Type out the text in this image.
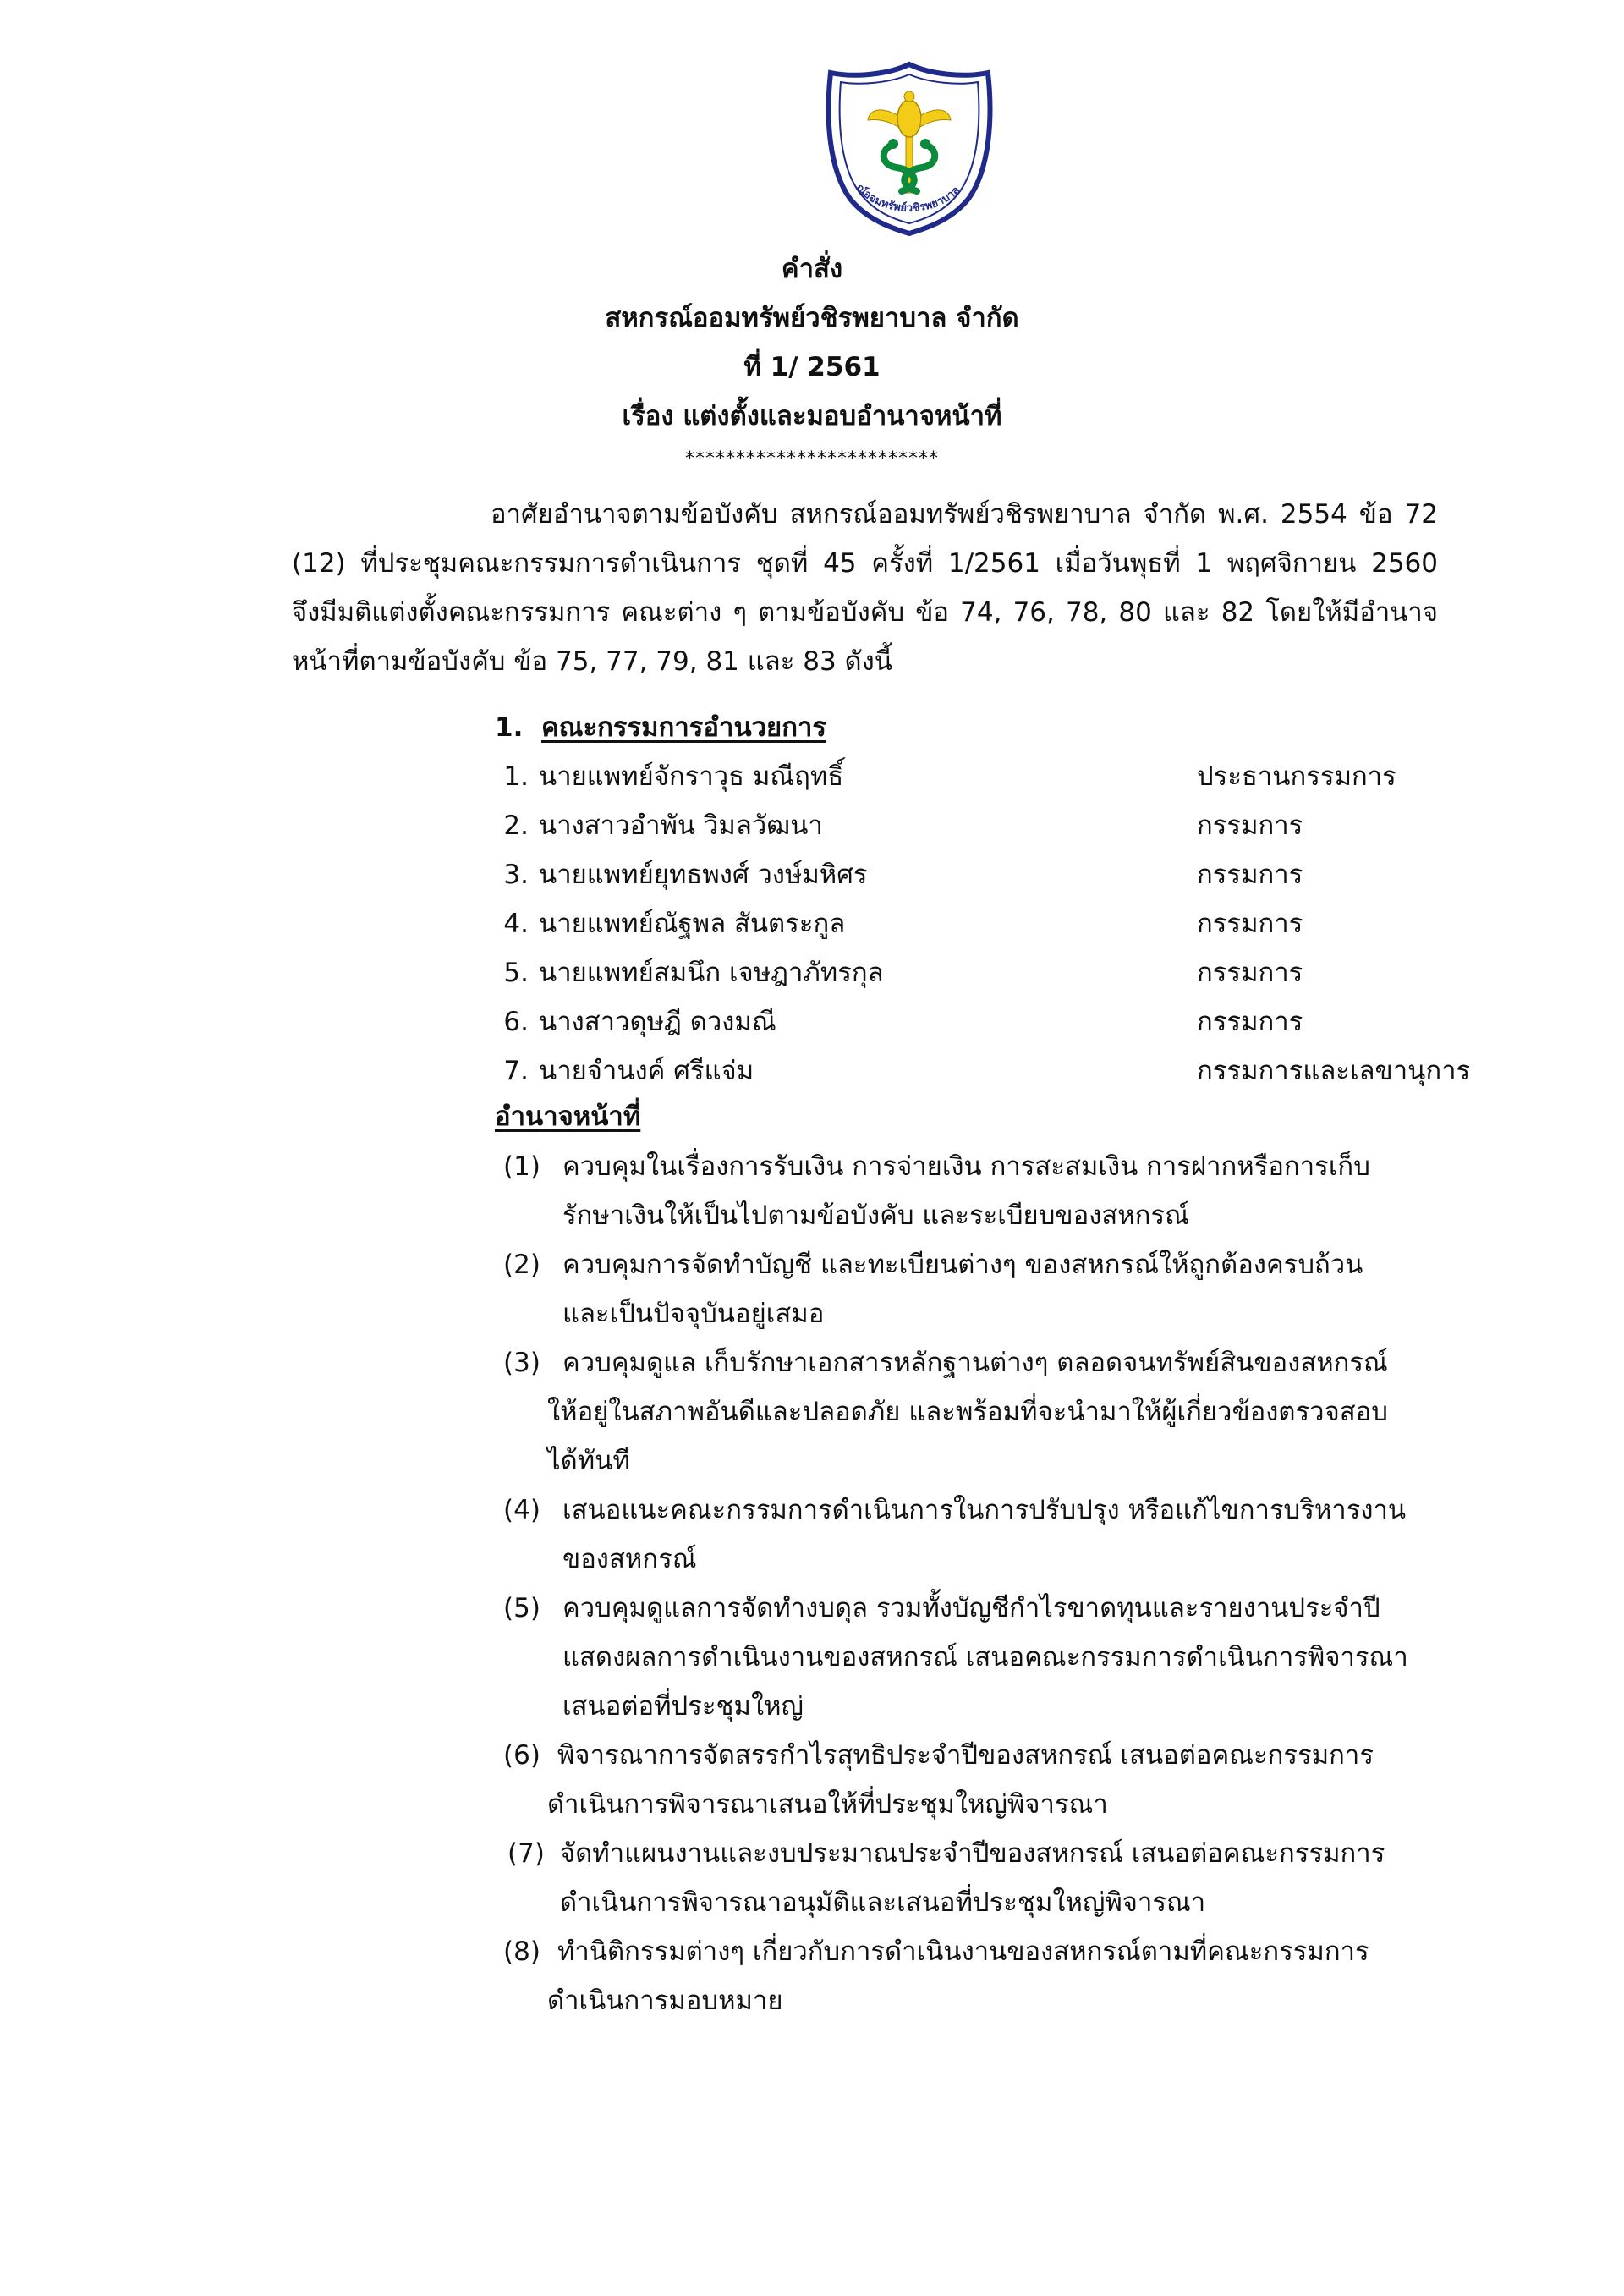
ณ์ออมทรัพย์วชิรพยาบาล
คำสั่ง
สหกรณ์ออมทรัพย์วชิรพยาบาล จำกัด
ที่ 1/ 2561
เรื่อง แต่งตั้งและมอบอำนาจหน้าที่
*************************
อาศัยอำนาจตามข้อบังคับ สหกรณ์ออมทรัพย์วชิรพยาบาล จำกัด พ.ศ. 2554 ข้อ 72
(12) ที่ประชุมคณะกรรมการดำเนินการ ชุดที่ 45 ครั้งที่ 1/2561 เมื่อวันพุธที่ 1 พฤศจิกายน 2560
จึงมีมติแต่งตั้งคณะกรรมการ คณะต่าง ๆ ตามข้อบังคับ ข้อ 74, 76, 78, 80 และ 82 โดยให้มีอำนาจ
หน้าที่ตามข้อบังคับ ข้อ 75, 77, 79, 81 และ 83 ดังนี้
1. คณะกรรมการอำนวยการ
1. นายแพทย์จักราวุธ มณีฤทธิ์	ประธานกรรมการ
2. นางสาวอำพัน วิมลวัฒนา	กรรมการ
3. นายแพทย์ยุทธพงศ์ วงษ์มหิศร	กรรมการ
4. นายแพทย์ณัฐพล สันตระกูล	กรรมการ
5. นายแพทย์สมนึก เจษฎาภัทรกุล	กรรมการ
6. นางสาวดุษฎี ดวงมณี	กรรมการ
7. นายจำนงค์ ศรีแจ่ม	กรรมการและเลขานุการ
อำนาจหน้าที่
(1) ควบคุมในเรื่องการรับเงิน การจ่ายเงิน การสะสมเงิน การฝากหรือการเก็บ
รักษาเงินให้เป็นไปตามข้อบังคับ และระเบียบของสหกรณ์
(2) ควบคุมการจัดทำบัญชี และทะเบียนต่างๆ ของสหกรณ์ให้ถูกต้องครบถ้วน
และเป็นปัจจุบันอยู่เสมอ
(3) ควบคุมดูแล เก็บรักษาเอกสารหลักฐานต่างๆ ตลอดจนทรัพย์สินของสหกรณ์
ให้อยู่ในสภาพอันดีและปลอดภัย และพร้อมที่จะนำมาให้ผู้เกี่ยวข้องตรวจสอบ
ได้ทันที
(4) เสนอแนะคณะกรรมการดำเนินการในการปรับปรุง หรือแก้ไขการบริหารงาน
ของสหกรณ์
(5) ควบคุมดูแลการจัดทำงบดุล รวมทั้งบัญชีกำไรขาดทุนและรายงานประจำปี
แสดงผลการดำเนินงานของสหกรณ์ เสนอคณะกรรมการดำเนินการพิจารณา
เสนอต่อที่ประชุมใหญ่
(6) พิจารณาการจัดสรรกำไรสุทธิประจำปีของสหกรณ์ เสนอต่อคณะกรรมการ
ดำเนินการพิจารณาเสนอให้ที่ประชุมใหญ่พิจารณา
(7) จัดทำแผนงานและงบประมาณประจำปีของสหกรณ์ เสนอต่อคณะกรรมการ
ดำเนินการพิจารณาอนุมัติและเสนอที่ประชุมใหญ่พิจารณา
(8) ทำนิติกรรมต่างๆ เกี่ยวกับการดำเนินงานของสหกรณ์ตามที่คณะกรรมการ
ดำเนินการมอบหมาย
